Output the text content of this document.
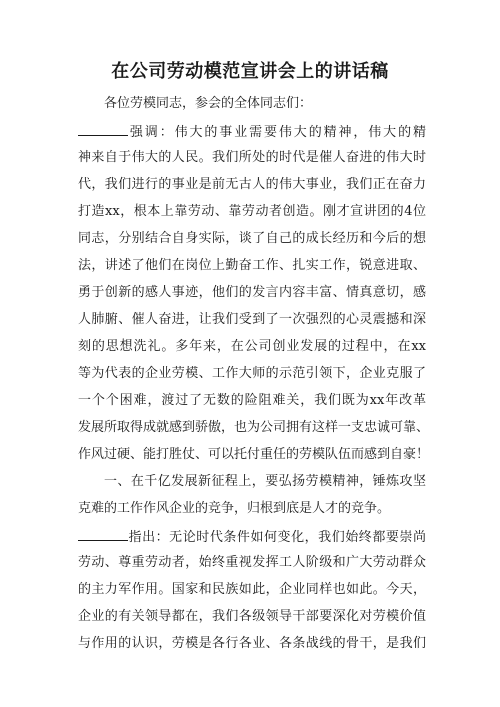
在公司劳动模范宣讲会上的讲话稿
各位劳模同志，参会的全体同志们：
强调：伟大的事业需要伟大的精神，伟大的精
神来自于伟大的人民。我们所处的时代是催人奋进的伟大时
代，我们进行的事业是前无古人的伟大事业，我们正在奋力
打造xx，根本上靠劳动、靠劳动者创造。刚才宣讲团的4位
同志，分别结合自身实际，谈了自己的成长经历和今后的想
法，讲述了他们在岗位上勤奋工作、扎实工作，锐意进取、
勇于创新的感人事迹，他们的发言内容丰富、情真意切，感
人肺腑、催人奋进，让我们受到了一次强烈的心灵震撼和深
刻的思想洗礼。多年来，在公司创业发展的过程中，在xx
等为代表的企业劳模、工作大师的示范引领下，企业克服了
一个个困难，渡过了无数的险阻难关，我们既为xx年改革
发展所取得成就感到骄傲，也为公司拥有这样一支忠诚可靠、
作风过硬、能打胜仗、可以托付重任的劳模队伍而感到自豪！
一、在千亿发展新征程上，要弘扬劳模精神，锤炼攻坚
克难的工作作风企业的竞争，归根到底是人才的竞争。
指出：无论时代条件如何变化，我们始终都要崇尚
劳动、尊重劳动者，始终重视发挥工人阶级和广大劳动群众
的主力军作用。国家和民族如此，企业同样也如此。今天，
企业的有关领导都在，我们各级领导干部要深化对劳模价值
与作用的认识，劳模是各行各业、各条战线的骨干，是我们
